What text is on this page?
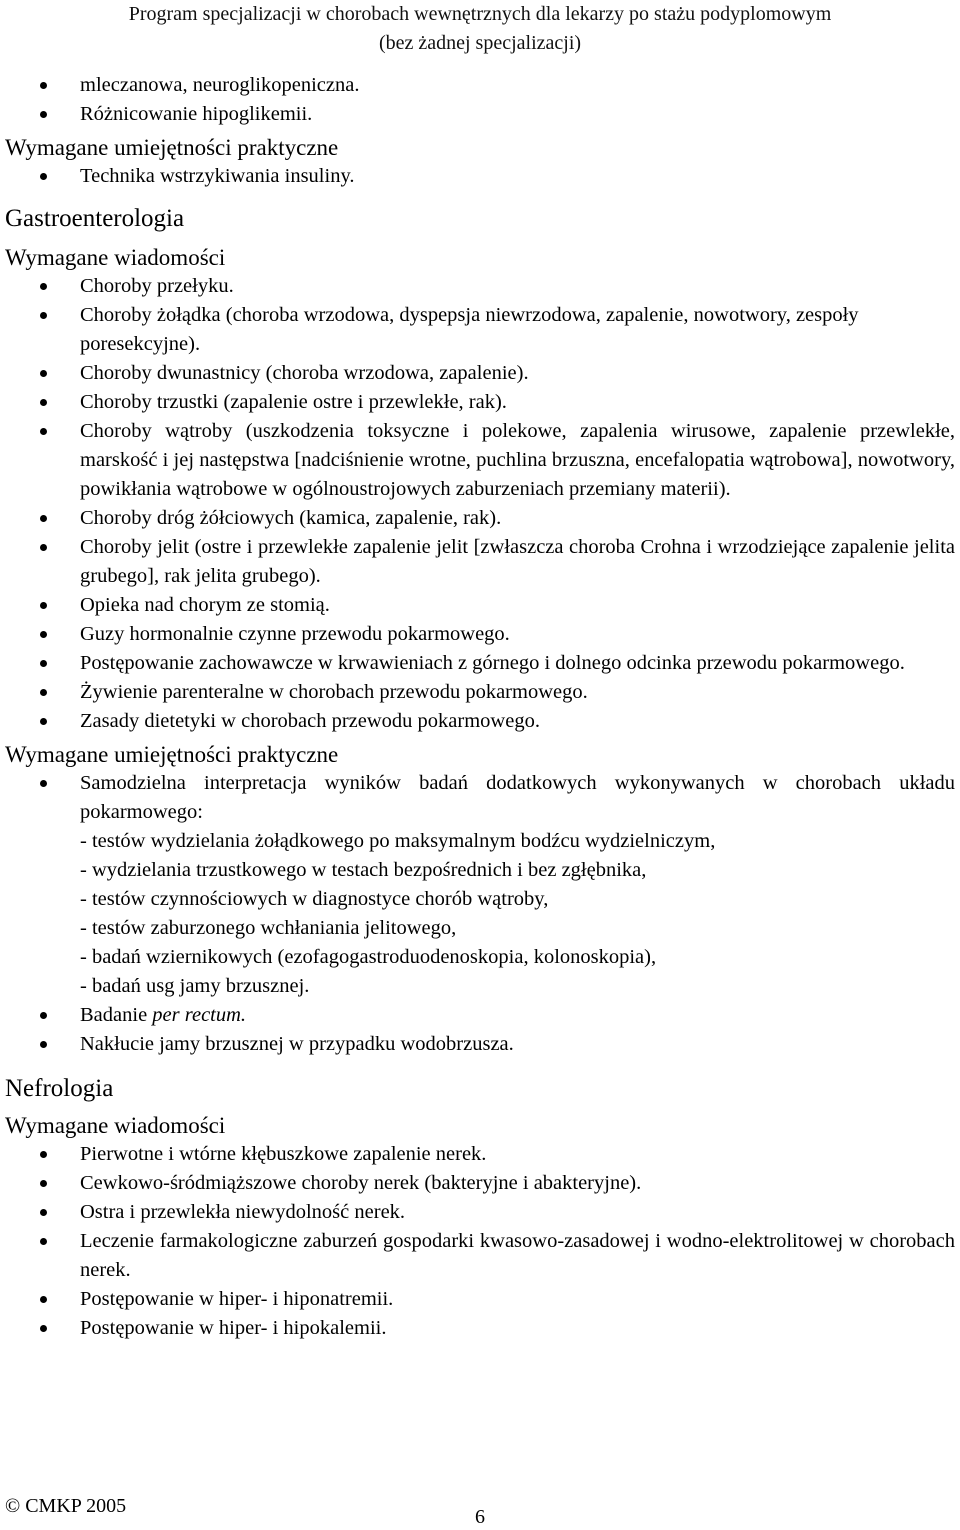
Program specjalizacji w chorobach wewnętrznych dla lekarzy po stażu podyplomowym
(bez żadnej specjalizacji)
mleczanowa, neuroglikopeniczna.
Różnicowanie hipoglikemii.
Wymagane umiejętności praktyczne
Technika wstrzykiwania insuliny.
Gastroenterologia
Wymagane wiadomości
Choroby przełyku.
Choroby żołądka (choroba wrzodowa, dyspepsja niewrzodowa, zapalenie, nowotwory, zespoły poresekcyjne).
Choroby dwunastnicy (choroba wrzodowa, zapalenie).
Choroby trzustki (zapalenie ostre i przewlekłe, rak).
Choroby wątroby (uszkodzenia toksyczne i polekowe, zapalenia wirusowe, zapalenie przewlekłe, marskość i jej następstwa [nadciśnienie wrotne, puchlina brzuszna, encefalopatia wątrobowa], nowotwory, powikłania wątrobowe w ogólnoustrojowych zaburzeniach przemiany materii).
Choroby dróg żółciowych (kamica, zapalenie, rak).
Choroby jelit (ostre i przewlekłe zapalenie jelit [zwłaszcza choroba Crohna i wrzodziejące zapalenie jelita grubego], rak jelita grubego).
Opieka nad chorym ze stomią.
Guzy hormonalnie czynne przewodu pokarmowego.
Postępowanie zachowawcze w krwawieniach z górnego i dolnego odcinka przewodu pokarmowego.
Żywienie parenteralne w chorobach przewodu pokarmowego.
Zasady dietetyki w chorobach przewodu pokarmowego.
Wymagane umiejętności praktyczne
Samodzielna interpretacja wyników badań dodatkowych wykonywanych w chorobach układu pokarmowego:
- testów wydzielania żołądkowego po maksymalnym bodźcu wydzielniczym,
- wydzielania trzustkowego w testach bezpośrednich i bez zgłębnika,
- testów czynnościowych w diagnostyce chorób wątroby,
- testów zaburzonego wchłaniania jelitowego,
- badań wziernikowych (ezofagogastroduodenoskopia, kolonoskopia),
- badań usg jamy brzusznej.
Badanie per rectum.
Nakłucie jamy brzusznej w przypadku wodobrzusza.
Nefrologia
Wymagane wiadomości
Pierwotne i wtórne kłębuszkowe zapalenie nerek.
Cewkowo-śródmiąższowe choroby nerek (bakteryjne i abakteryjne).
Ostra i przewlekła niewydolność nerek.
Leczenie farmakologiczne zaburzeń gospodarki kwasowo-zasadowej i wodno-elektrolitowej w chorobach nerek.
Postępowanie w hiper- i hiponatremii.
Postępowanie w hiper- i hipokalemii.
© CMKP 2005	6
